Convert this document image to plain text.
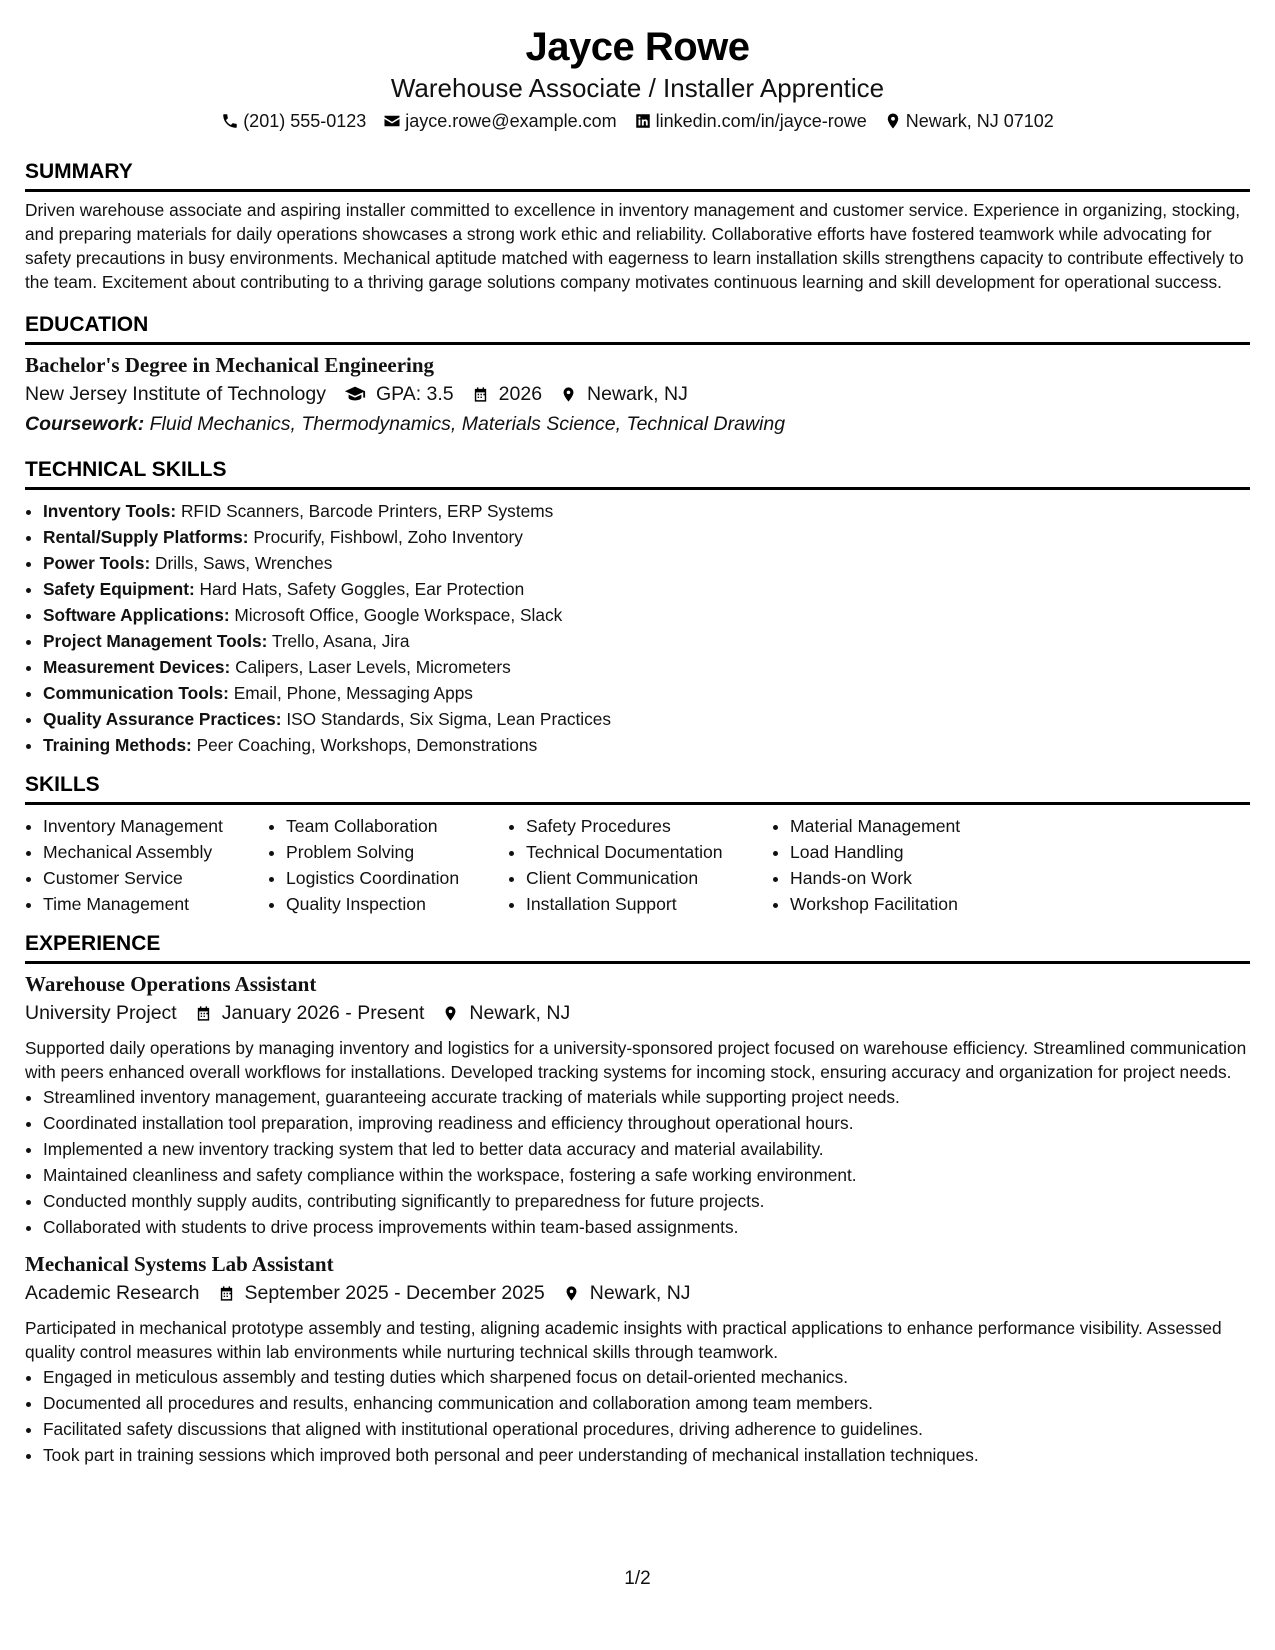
Jayce Rowe

Warehouse Associate / Installer Apprentice

(201) 555-0123 jayce.rowe@example.com linkedin.com/in/jayce-rowe Newark, NJ 07102
SUMMARY

Driven warehouse associate and aspiring installer committed to excellence in inventory management and customer service. Experience in organizing, stocking, and preparing materials for daily operations showcases a strong work ethic and reliability. Collaborative efforts have fostered teamwork while advocating for safety precautions in busy environments. Mechanical aptitude matched with eagerness to learn installation skills strengthens capacity to contribute effectively to the team. Excitement about contributing to a thriving garage solutions company motivates continuous learning and skill development for operational success.

EDUCATION
Bachelor's Degree in Mechanical Engineering
New Jersey Institute of Technology	GPA: 3.5 2026 Newark, NJ
Coursework: Fluid Mechanics, Thermodynamics, Materials Science, Technical Drawing
TECHNICAL SKILLS
• Inventory Tools: RFID Scanners, Barcode Printers, ERP Systems
• Rental/Supply Platforms: Procurify, Fishbowl, Zoho Inventory
• Power Tools: Drills, Saws, Wrenches
• Safety Equipment: Hard Hats, Safety Goggles, Ear Protection
• Software Applications: Microsoft Office, Google Workspace, Slack
• Project Management Tools: Trello, Asana, Jira
• Measurement Devices: Calipers, Laser Levels, Micrometers
• Communication Tools: Email, Phone, Messaging Apps
• Quality Assurance Practices: ISO Standards, Six Sigma, Lean Practices
• Training Methods: Peer Coaching, Workshops, Demonstrations
SKILLS
• Inventory Management
• Mechanical Assembly
• Customer Service
• Time Management
• Team Collaboration
• Problem Solving
• Logistics Coordination
• Quality Inspection
• Safety Procedures
• Technical Documentation
• Client Communication
• Installation Support
• Material Management
• Load Handling
• Hands-on Work
• Workshop Facilitation
EXPERIENCE
Warehouse Operations Assistant
University Project January 2026 - Present Newark, NJ

Supported daily operations by managing inventory and logistics for a university-sponsored project focused on warehouse efficiency. Streamlined communication with peers enhanced overall workflows for installations. Developed tracking systems for incoming stock, ensuring accuracy and organization for project needs.

• Streamlined inventory management, guaranteeing accurate tracking of materials while supporting project needs.
• Coordinated installation tool preparation, improving readiness and efficiency throughout operational hours.
• Implemented a new inventory tracking system that led to better data accuracy and material availability.
• Maintained cleanliness and safety compliance within the workspace, fostering a safe working environment.
• Conducted monthly supply audits, contributing significantly to preparedness for future projects.
• Collaborated with students to drive process improvements within team-based assignments.
Mechanical Systems Lab Assistant
Academic Research September 2025 - December 2025 Newark, NJ

Participated in mechanical prototype assembly and testing, aligning academic insights with practical applications to enhance performance visibility. Assessed quality control measures within lab environments while nurturing technical skills through teamwork.

• Engaged in meticulous assembly and testing duties which sharpened focus on detail-oriented mechanics.
• Documented all procedures and results, enhancing communication and collaboration among team members.
• Facilitated safety discussions that aligned with institutional operational procedures, driving adherence to guidelines.
• Took part in training sessions which improved both personal and peer understanding of mechanical installation techniques.
1/2
